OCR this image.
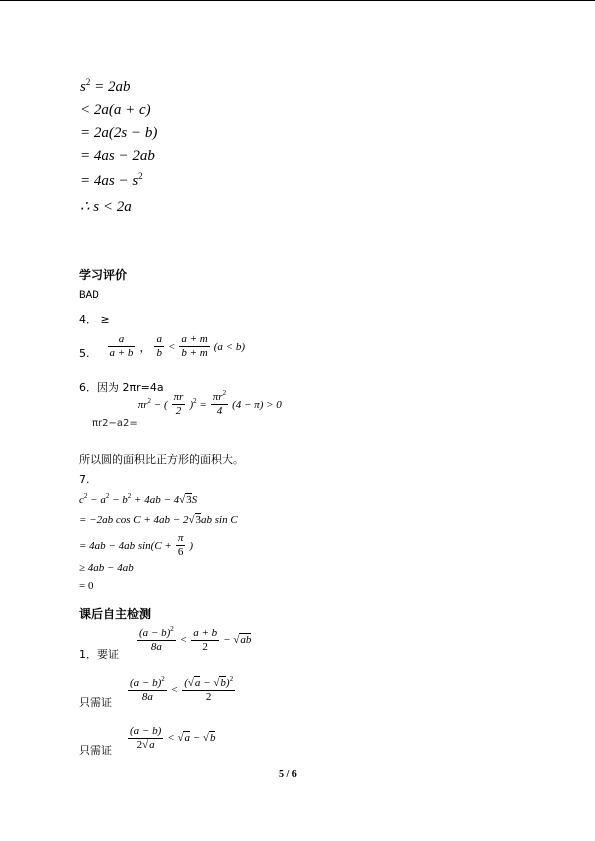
$s^2 = 2ab$
< 2a(a + c)
= 2a(2s − b)
= 4as − 2ab
= $4as - s^2$
∴ s < 2a
学习评价
BAD
4． ≥
5. $\frac{a}{a + b}$ ， $\frac{a}{b} < \frac{a + m}{b + m} (a < b)$
6．因为 2πr=4a
$\pi r2-a2= \pi r^2$ − ( $\frac{\pi r}{2} )^2 = \frac{\pi r^2}{4} (4 - \pi) > 0$
所以圆的面积比正方形的面积大。
7.
$c^2 - a^2 - b^2 + 4ab - 4√3S$
= −2ab cos C + 4ab − 2√3ab sin C
= 4ab − 4ab $\sin(C + \frac{\pi}{6}$ )
≥ 4ab − 4ab
= 0
课后自主检测
1．要证
$\frac{(a - b)^2}{8a} < \frac{a + b}{2} - √ab$
只需证 $\frac{(a - b)^2}{8a} < \frac{(√a - √b)^2}{2}$
只需证 $\frac{(a - b)}{2√a} < √a - √b$
5 / 6
